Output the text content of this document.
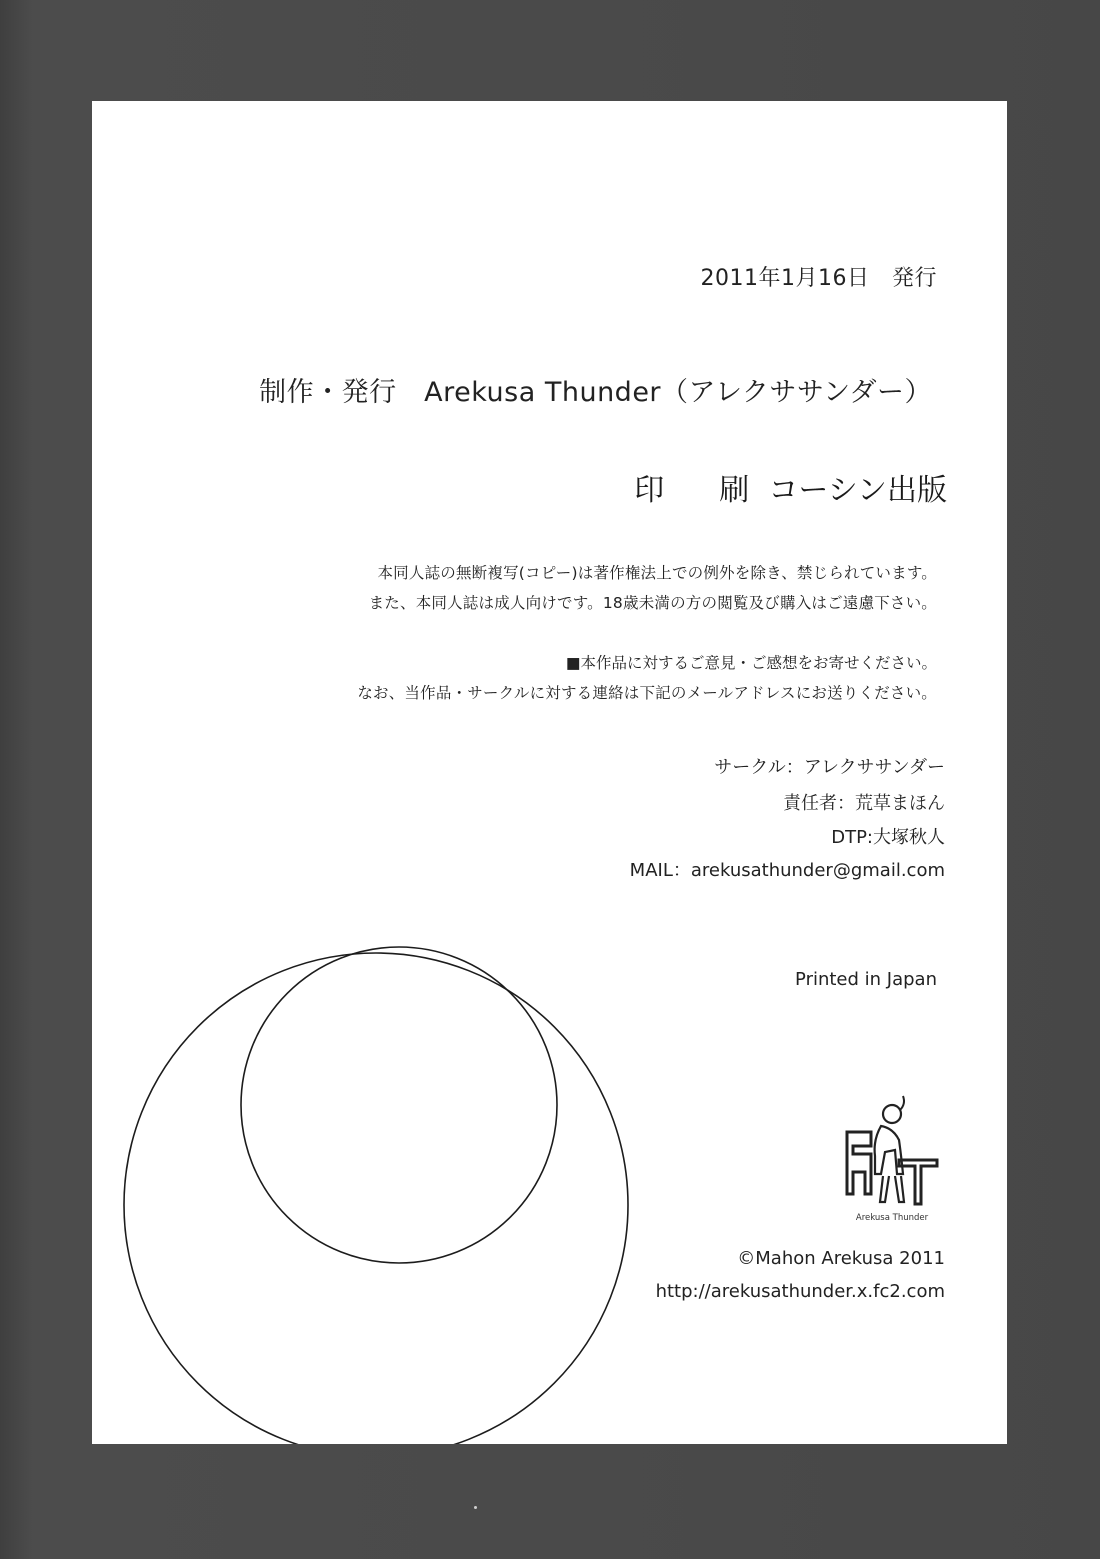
2011年1月16日　発行
制作・発行　Arekusa Thunder（アレクササンダー）
印 刷 コーシン出版
本同人誌の無断複写(コピー)は著作権法上での例外を除き、禁じられています。
また、本同人誌は成人向けです。18歳未満の方の閲覧及び購入はご遠慮下さい。
■本作品に対するご意見・ご感想をお寄せください。
なお、当作品・サークルに対する連絡は下記のメールアドレスにお送りください。
サークル：アレクササンダー
責任者：荒草まほん
DTP:大塚秋人
MAIL：arekusathunder@gmail.com
Printed in Japan
Arekusa Thunder
©Mahon Arekusa 2011
http://arekusathunder.x.fc2.com
